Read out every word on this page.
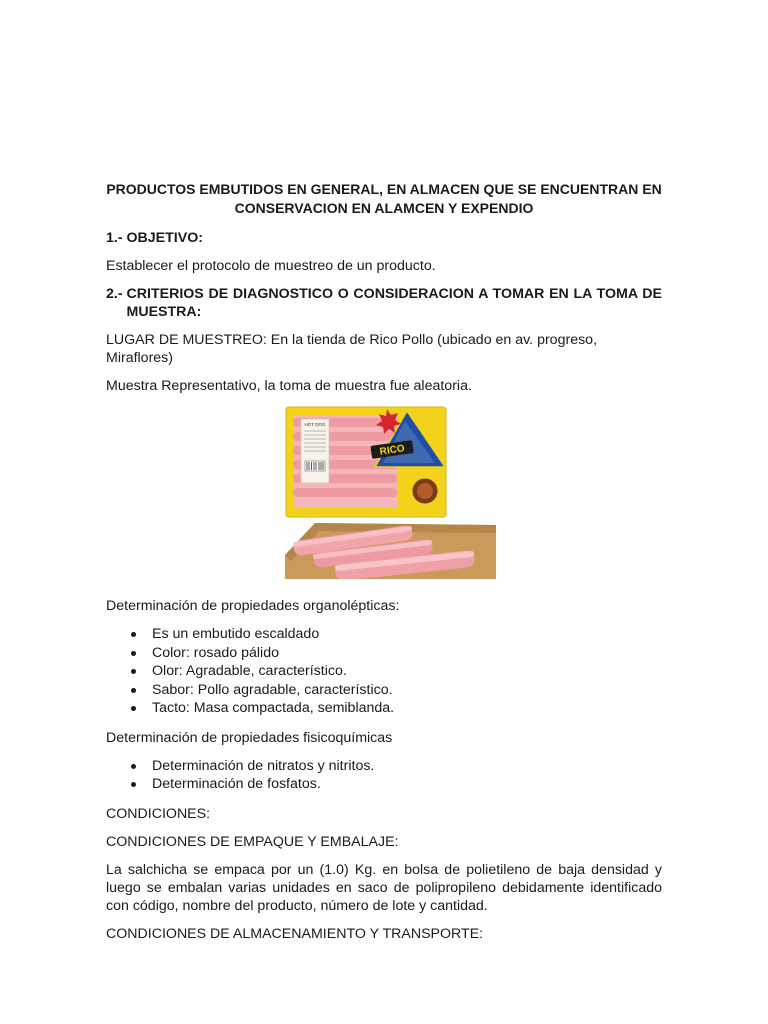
PRODUCTOS EMBUTIDOS EN GENERAL, EN ALMACEN QUE SE ENCUENTRAN EN CONSERVACION EN ALAMCEN Y EXPENDIO
1.- OBJETIVO:

Establecer el protocolo de muestreo de un producto.

2.- CRITERIOS DE DIAGNOSTICO O CONSIDERACION A TOMAR EN LA TOMA DE MUESTRA:

LUGAR DE MUESTREO: En la tienda de Rico Pollo (ubicado en av. progreso, Miraflores)

Muestra Representativo, la toma de muestra fue aleatoria.

HOT DOG
RICO

Determinación de propiedades organolépticas:

Es un embutido escaldado
Color: rosado pálido
Olor: Agradable, característico.
Sabor: Pollo agradable, característico.
Tacto: Masa compactada, semiblanda.

Determinación de propiedades fisicoquímicas

Determinación de nitratos y nitritos.
Determinación de fosfatos.

CONDICIONES:

CONDICIONES DE EMPAQUE Y EMBALAJE:

La salchicha se empaca por un (1.0) Kg. en bolsa de polietileno de baja densidad y luego se embalan varias unidades en saco de polipropileno debidamente identificado con código, nombre del producto, número de lote y cantidad.

CONDICIONES DE ALMACENAMIENTO Y TRANSPORTE:
